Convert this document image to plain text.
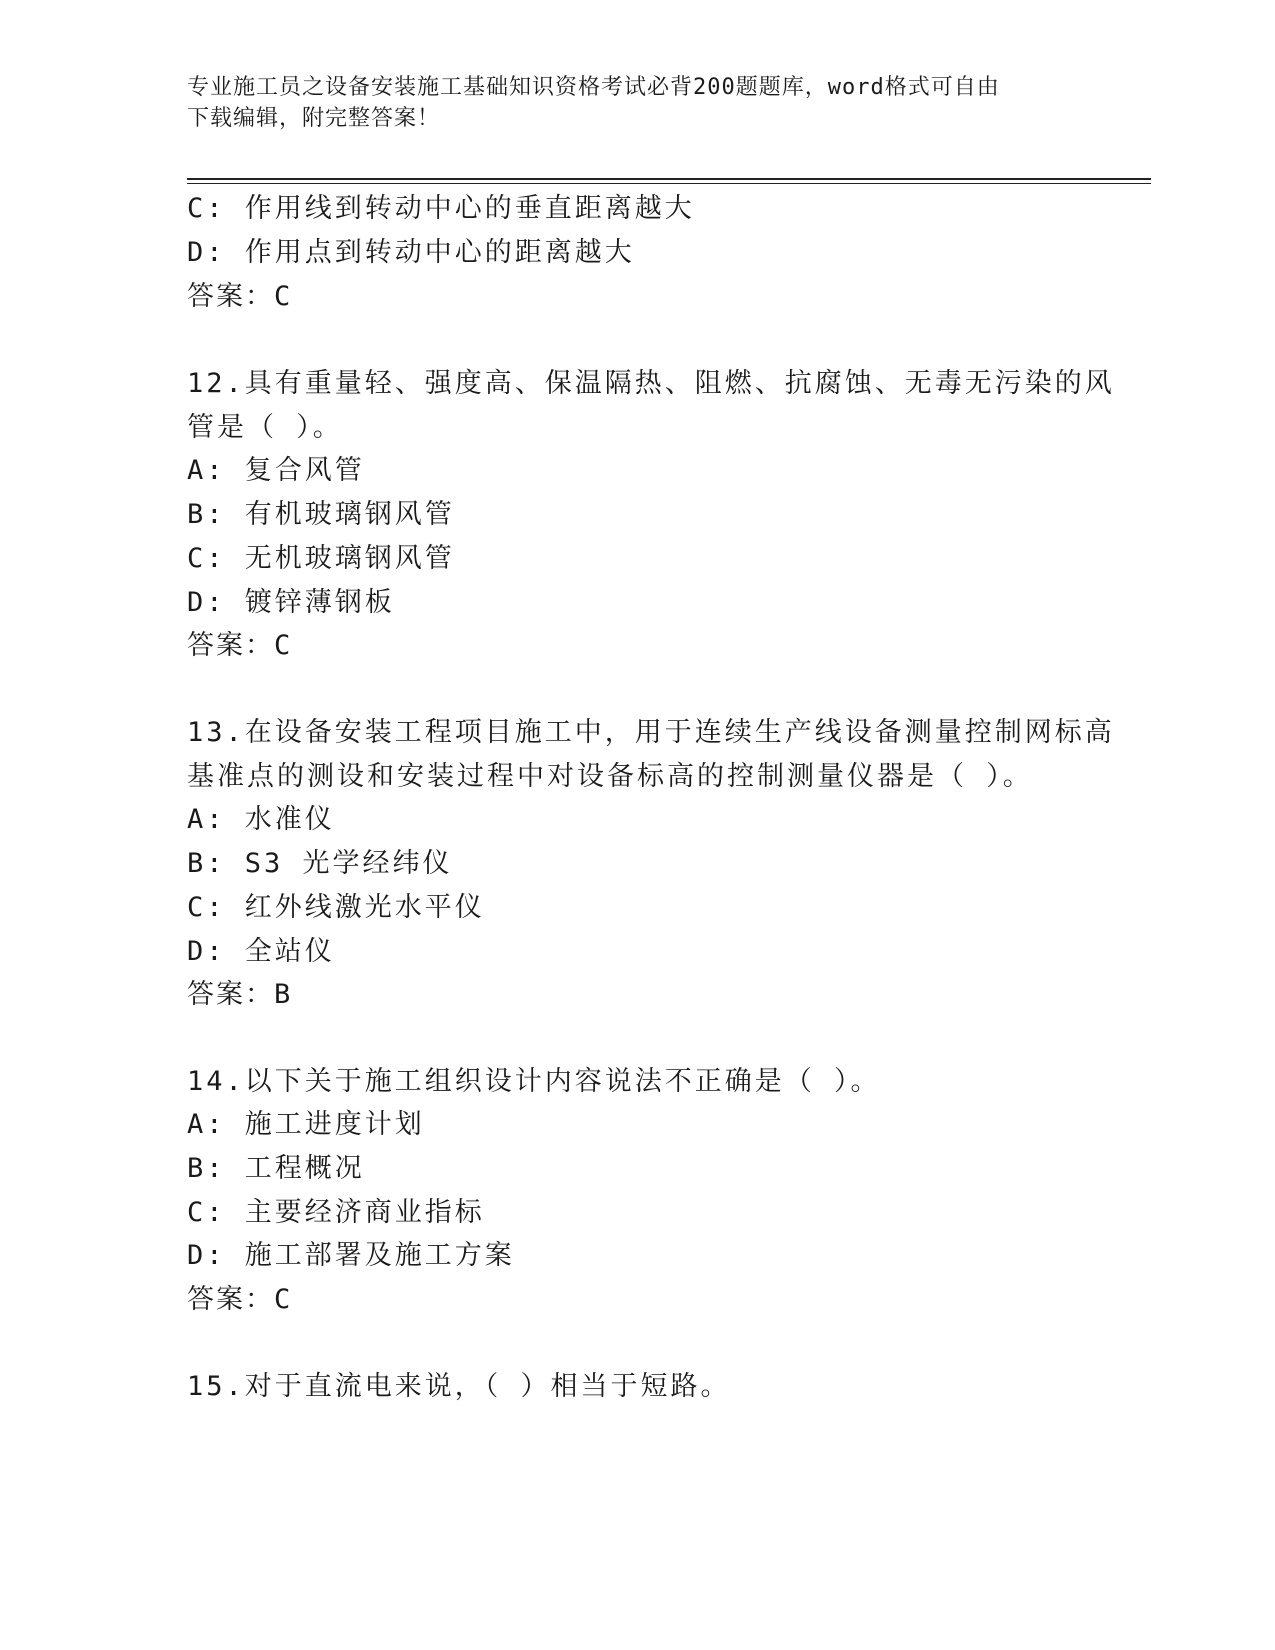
专业施工员之设备安装施工基础知识资格考试必背200题题库，word格式可自由
下载编辑，附完整答案！
C: 作用线到转动中心的垂直距离越大
D: 作用点到转动中心的距离越大
答案：C
12.具有重量轻、强度高、保温隔热、阻燃、抗腐蚀、无毒无污染的风
管是（ ）。
A: 复合风管
B: 有机玻璃钢风管
C: 无机玻璃钢风管
D: 镀锌薄钢板
答案：C
13.在设备安装工程项目施工中，用于连续生产线设备测量控制网标高
基准点的测设和安装过程中对设备标高的控制测量仪器是（ ）。
A: 水准仪
B: S3 光学经纬仪
C: 红外线激光水平仪
D: 全站仪
答案：B
14.以下关于施工组织设计内容说法不正确是（ ）。
A: 施工进度计划
B: 工程概况
C: 主要经济商业指标
D: 施工部署及施工方案
答案：C
15.对于直流电来说，（ ）相当于短路。
